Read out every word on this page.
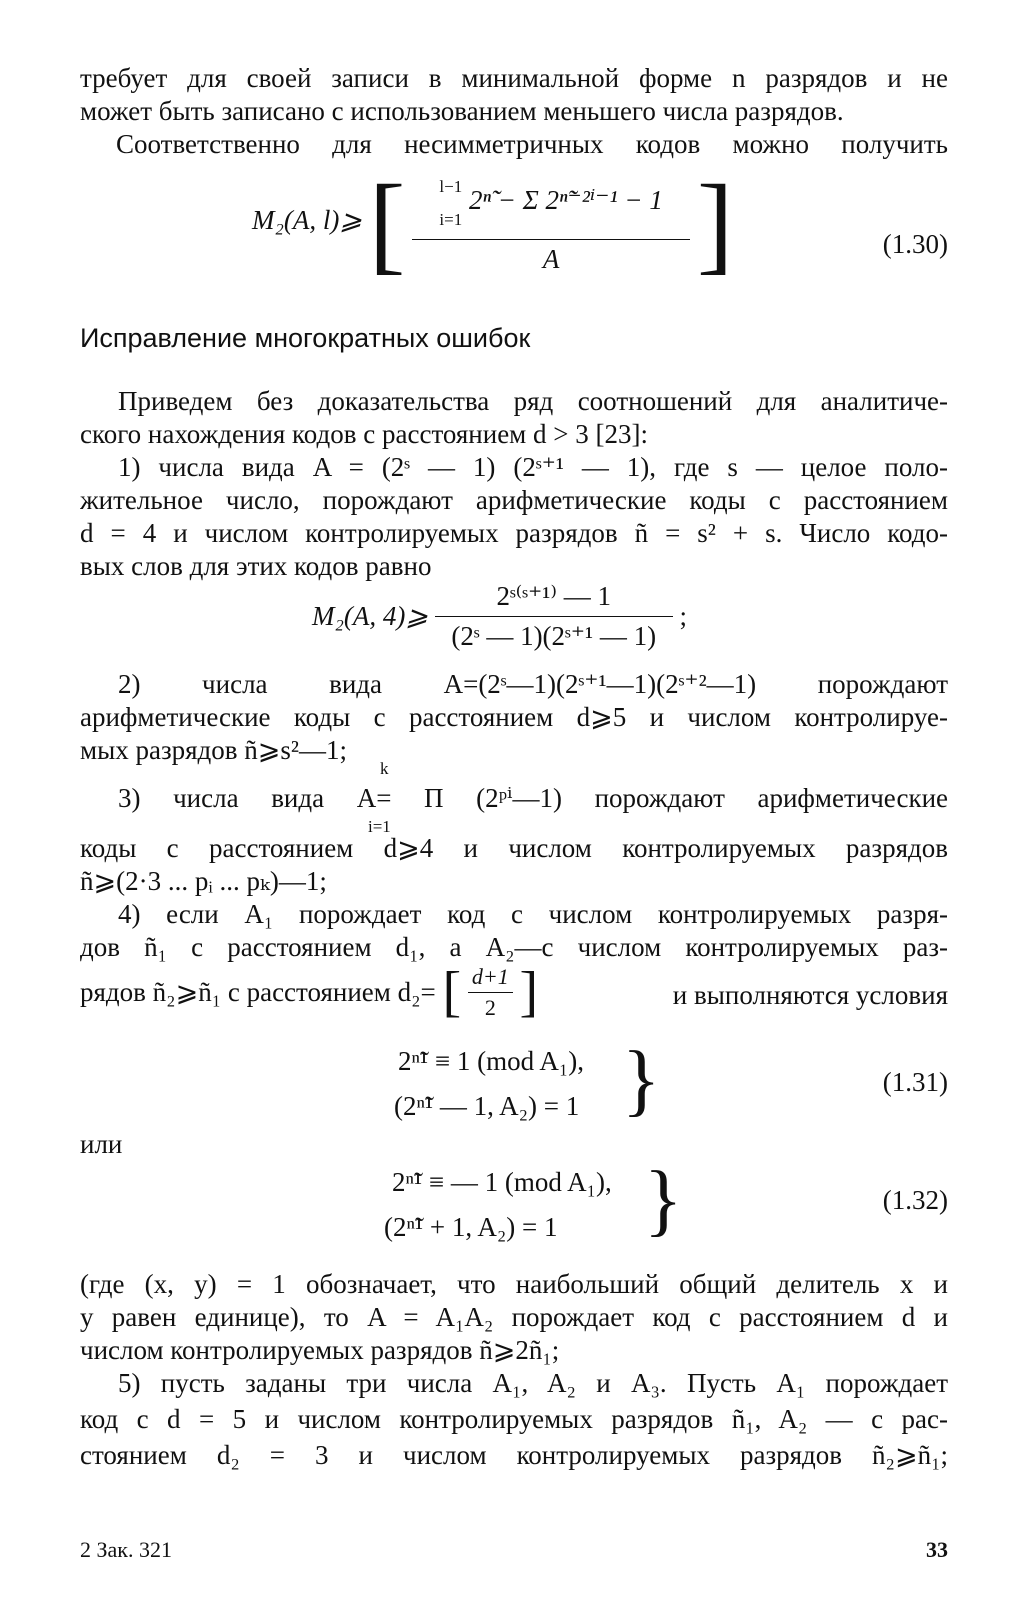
требует для своей записи в минимальной форме n разрядов и не
может быть записано с использованием меньшего числа разрядов.
Соответственно для несимметричных кодов можно получить
M₂(A, l)⩾ [ l−1
i=1
2ⁿ̃ − Σ 2ⁿ̃⁻²ⁱ⁻¹ − 1
A ]	(1.30)
Исправление многократных ошибок
Приведем без доказательства ряд соотношений для аналитиче-
ского нахождения кодов с расстоянием d > 3 [23]:
1) числа вида A = (2ˢ — 1) (2ˢ⁺¹ — 1), где s — целое поло-
жительное число, порождают арифметические коды с расстоянием
d = 4 и числом контролируемых разрядов ñ = s² + s. Число кодо-
вых слов для этих кодов равно
M₂(A, 4)⩾ $\frac{\text{2ˢ⁽ˢ⁺¹⁾ — 1}}{\text{(2ˢ — 1)(2ˢ⁺¹ — 1)}}$ ;
2) числа вида A=(2ˢ—1)(2ˢ⁺¹—1)(2ˢ⁺²—1) порождают
арифметические коды с расстоянием d⩾5 и числом контролируе-
мых разрядов ñ⩾s²—1;
k
3) числа вида A= Π (2ᵖⁱ—1) порождают арифметические
i=1
коды с расстоянием d⩾4 и числом контролируемых разрядов
ñ⩾(2·3 ... pᵢ ... pₖ)—1;
4) если A₁ порождает код с числом контролируемых разря-
дов ñ₁ с расстоянием d₁, а A₂—с числом контролируемых раз-
рядов ñ₂⩾ñ₁ с расстоянием d₂= [ $\frac{d+1}{2}$ ]	и выполняются условия
2ⁿ̃¹ ≡ 1 (mod A₁),
(2ⁿ̃¹ — 1, A₂) = 1 }	(1.31)
или
2ⁿ̃¹ ≡ — 1 (mod A₁),
(2ⁿ̃¹ + 1, A₂) = 1 }	(1.32)
(где (x, y) = 1 обозначает, что наибольший общий делитель x и
y равен единице), то A = A₁A₂ порождает код с расстоянием d и
числом контролируемых разрядов ñ⩾2ñ₁;
5) пусть заданы три числа A₁, A₂ и A₃. Пусть A₁ порождает
код с d = 5 и числом контролируемых разрядов ñ₁, A₂ — с рас-
стоянием d₂ = 3 и числом контролируемых разрядов ñ₂⩾ñ₁;
2 Зак. 321	33
